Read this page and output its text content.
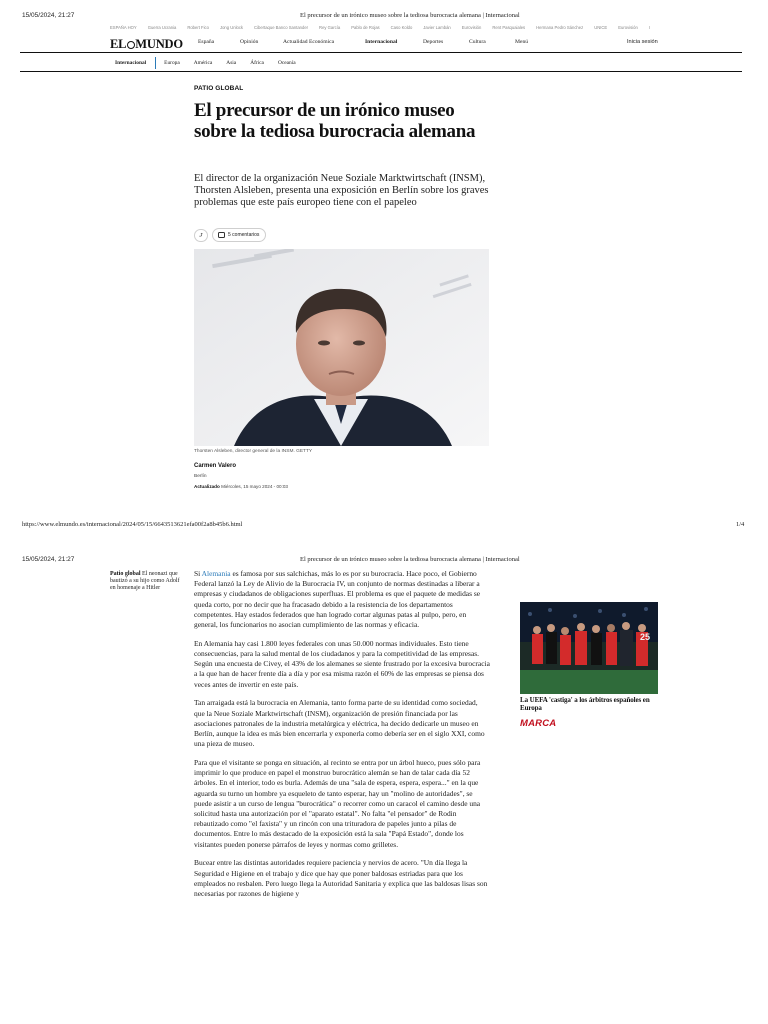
15/05/2024, 21:27	El precursor de un irónico museo sobre la tediosa burocracia alemana | Internacional
ESPAÑA HOY	Guerra Ucrania	Robert Fico	Jong Unlock	Cibertaque Banco Santander	Rey García	Pablo de Rojas	Caso Koldo	Javier Lambán	Eurovisión	Rent Pasquaiales	Hermana Pedro Sánchez	UNICE	Eurovisión	I
EL MUNDO	España	Opinión	Actualidad Económica	Internacional	Deportes	Cultura	Menú	Inicia sesión
Internacional	Europa	América	Asia	África	Oceanía
PATIO GLOBAL
El precursor de un irónico museo sobre la tediosa burocracia alemana
El director de la organización Neue Soziale Marktwirtschaft (INSM), Thorsten Alsleben, presenta una exposición en Berlín sobre los graves problemas que este país europeo tiene con el papeleo
⤴	5 comentarios
Thorsten Alsleben, director general de la INSM. GETTY
Carmen Valero
Berlín
Actualizado Miércoles, 15 mayo 2024 - 00:03
https://www.elmundo.es/internacional/2024/05/15/6643513621efa00f2a8b45b6.html	1/4
15/05/2024, 21:27	El precursor de un irónico museo sobre la tediosa burocracia alemana | Internacional
Patio global El neonazi que bautizó a su hijo como Adolf en homenaje a Hitler

Si Alemania es famosa por sus salchichas, más lo es por su burocracia. Hace poco, el Gobierno Federal lanzó la Ley de Alivio de la Burocracia IV, un conjunto de normas destinadas a liberar a empresas y ciudadanos de obligaciones superfluas. El problema es que el paquete de medidas se queda corto, por no decir que ha fracasado debido a la resistencia de los departamentos competentes. Hay estados federados que han logrado cortar algunas patas al pulpo, pero, en general, los funcionarios no asocian cumplimiento de las normas y eficacia.

En Alemania hay casi 1.800 leyes federales con unas 50.000 normas individuales. Esto tiene consecuencias, para la salud mental de los ciudadanos y para la competitividad de las empresas. Según una encuesta de Civey, el 43% de los alemanes se siente frustrado por la excesiva burocracia a la que han de hacer frente día a día y por esa misma razón el 60% de las empresas se piensa dos veces antes de invertir en este país.

Tan arraigada está la burocracia en Alemania, tanto forma parte de su identidad como sociedad, que la Neue Soziale Marktwirtschaft (INSM), organización de presión financiada por las asociaciones patronales de la industria metalúrgica y eléctrica, ha decido dedicarle un museo en Berlín, aunque la idea es más bien encerrarla y exponerla como debería ser en el siglo XXI, como una pieza de museo.

Para que el visitante se ponga en situación, al recinto se entra por un árbol hueco, pues sólo para imprimir lo que produce en papel el monstruo burocrático alemán se han de talar cada día 52 árboles. En el interior, todo es burla. Además de una "sala de espera, espera, espera..." en la que aguarda su turno un hombre ya esqueleto de tanto esperar, hay un "molino de autoridades", se puede asistir a un curso de lengua "burocrática" o recorrer como un caracol el camino desde una solicitud hasta una autorización por el "aparato estatal". No falta "el pensador" de Rodin rebautizado como "el faxista" y un rincón con una trituradora de papeles junto a pilas de documentos. Entre lo más destacado de la exposición está la sala "Papá Estado", donde los visitantes pueden ponerse párrafos de leyes y normas como grilletes.

Bucear entre las distintas autoridades requiere paciencia y nervios de acero. "Un día llega la Seguridad e Higiene en el trabajo y dice que hay que poner baldosas estriadas para que los empleados no resbalen. Pero luego llega la Autoridad Sanitaria y explica que las baldosas lisas son necesarias por razones de higiene y

25
La UEFA 'castiga' a los árbitros españoles en Europa
MARCA
